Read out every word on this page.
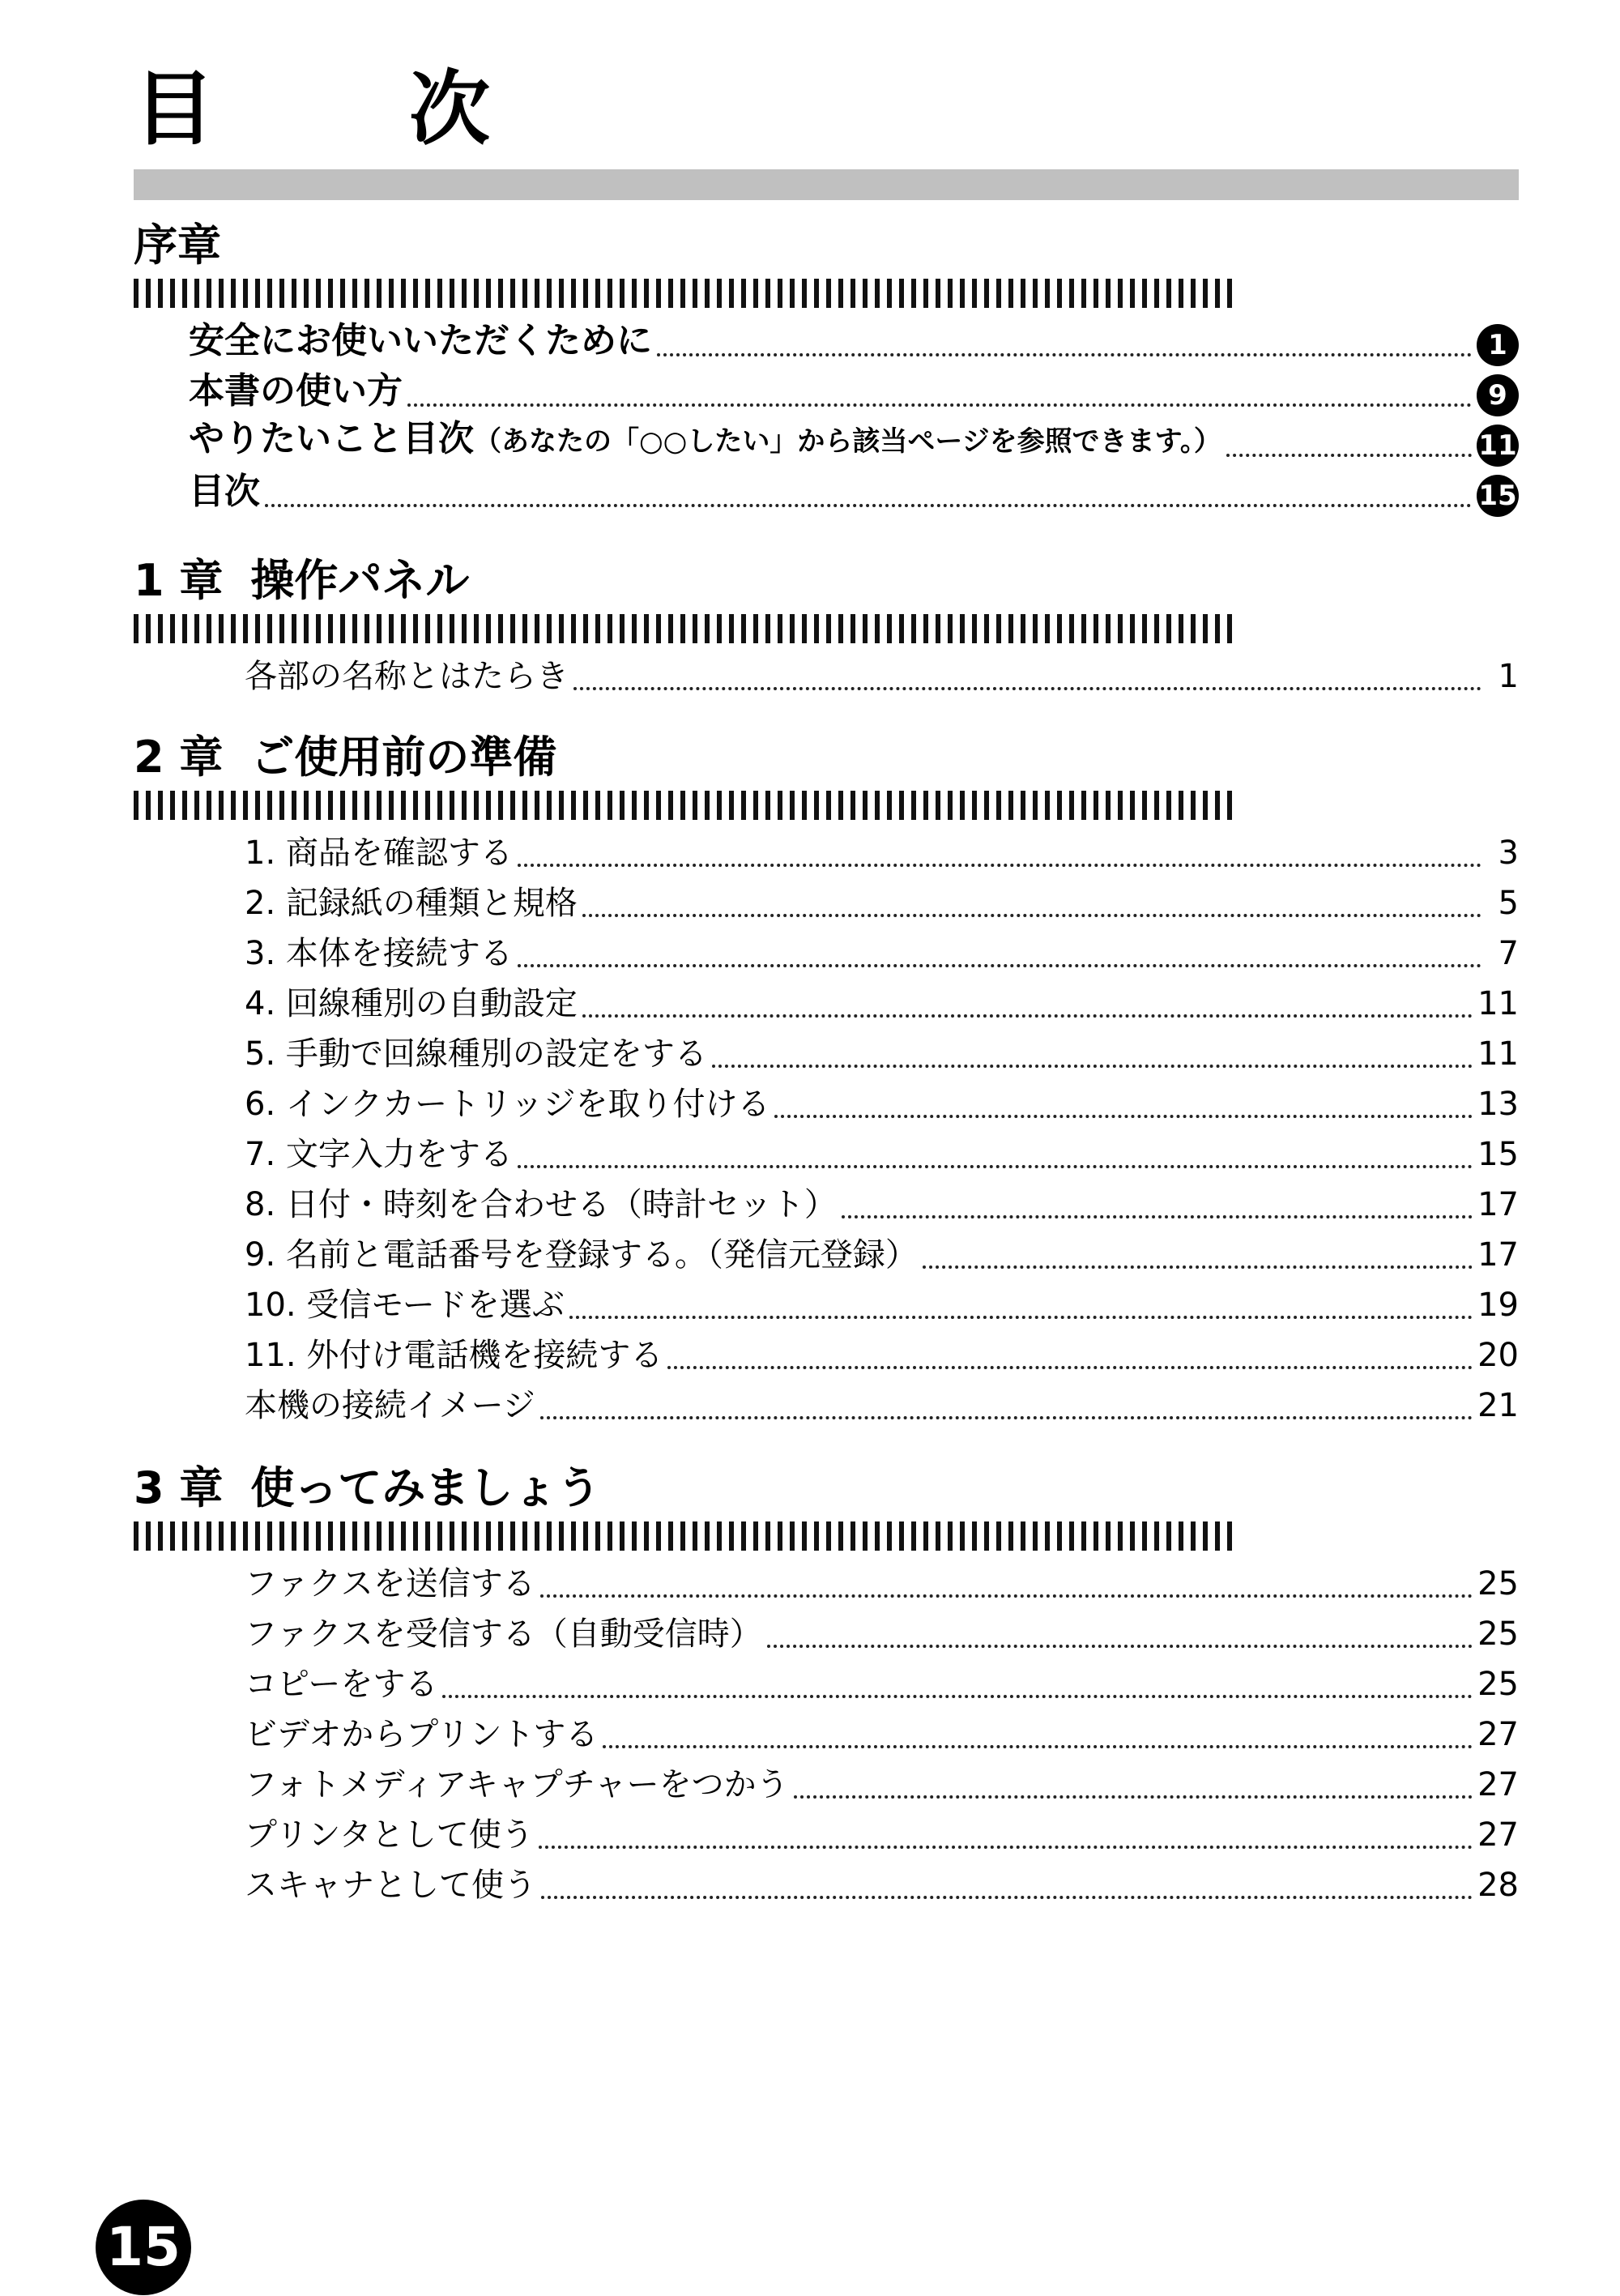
目　次
序章
安全にお使いいただくために	1
本書の使い方	9
やりたいこと目次（あなたの「○○したい」から該当ページを参照できます。）	11
目次	15
1 章 操作パネル
各部の名称とはたらき	1
2 章 ご使用前の準備
1. 商品を確認する	3
2. 記録紙の種類と規格	5
3. 本体を接続する	7
4. 回線種別の自動設定	11
5. 手動で回線種別の設定をする	11
6. インクカートリッジを取り付ける	13
7. 文字入力をする	15
8. 日付・時刻を合わせる（時計セット）	17
9. 名前と電話番号を登録する。（発信元登録）	17
10. 受信モードを選ぶ	19
11. 外付け電話機を接続する	20
本機の接続イメージ	21
3 章 使ってみましょう
ファクスを送信する	25
ファクスを受信する（自動受信時）	25
コピーをする	25
ビデオからプリントする	27
フォトメディアキャプチャーをつかう	27
プリンタとして使う	27
スキャナとして使う	28
15
